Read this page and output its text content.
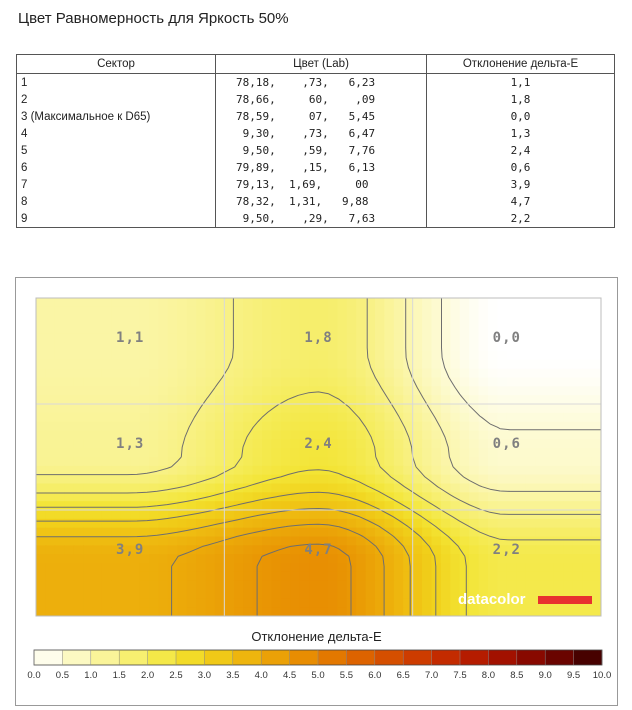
Цвет Равномерность для Яркость 50%
Сектор	Цвет (Lab)	Отклонение дельта-E
1	78,18,    ,73,   6,23	1,1
2	78,66,     60,    ,09	1,8
3 (Максимальное к D65)	78,59,     07,   5,45	0,0
4	9,30,    ,73,   6,47	1,3
5	9,50,    ,59,   7,76	2,4
6	79,89,    ,15,   6,13	0,6
7	79,13,  1,69,     00	3,9
8	78,32,  1,31,   9,88	4,7
9	9,50,    ,29,   7,63	2,2
1,1	1,8	0,0
1,3	2,4	0,6
3,9	4,7	2,2
datacolor
0.0 0.5 1.0 1.5 2.0 2.5 3.0 3.5 4.0 4.5 5.0 5.5 6.0 6.5 7.0 7.5 8.0 8.5 9.0 9.5 10.0
Отклонение дельта-E
